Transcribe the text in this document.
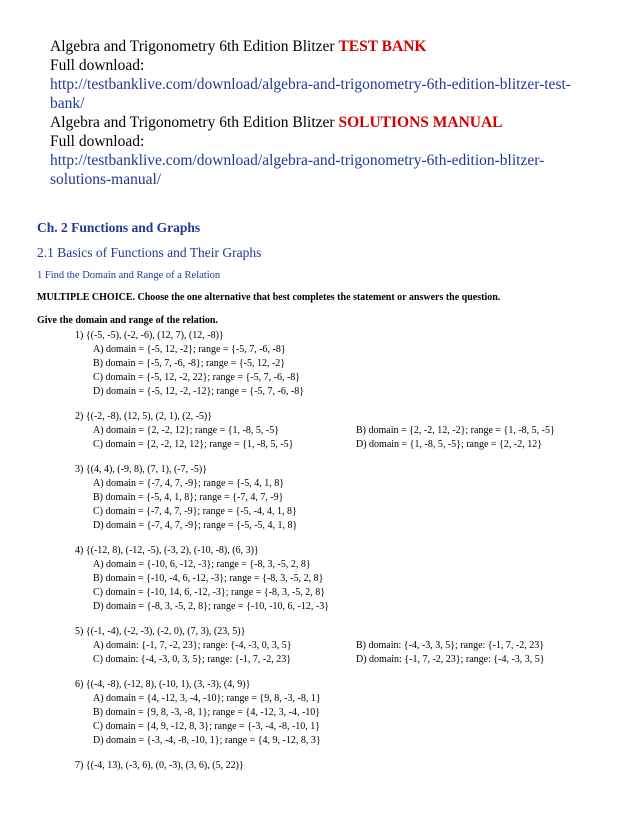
Algebra and Trigonometry 6th Edition Blitzer TEST BANK
Full download:
http://testbanklive.com/download/algebra-and-trigonometry-6th-edition-blitzer-test-
bank/
Algebra and Trigonometry 6th Edition Blitzer SOLUTIONS MANUAL
Full download:
http://testbanklive.com/download/algebra-and-trigonometry-6th-edition-blitzer-
solutions-manual/
Ch. 2 Functions and Graphs
2.1 Basics of Functions and Their Graphs
1 Find the Domain and Range of a Relation
MULTIPLE CHOICE. Choose the one alternative that best completes the statement or answers the question.
Give the domain and range of the relation.
1) {(-5, -5), (-2, -6), (12, 7), (12, -8)}
A) domain = {-5, 12, -2}; range = {-5, 7, -6, -8}
B) domain = {-5, 7, -6, -8}; range = {-5, 12, -2}
C) domain = {-5, 12, -2, 22}; range = {-5, 7, -6, -8}
D) domain = {-5, 12, -2, -12}; range = {-5, 7, -6, -8}
2) {(-2, -8), (12, 5), (2, 1), (2, -5)}
A) domain = {2, -2, 12}; range = {1, -8, 5, -5}	B) domain = {2, -2, 12, -2}; range = {1, -8, 5, -5}
C) domain = {2, -2, 12, 12}; range = {1, -8, 5, -5}	D) domain = {1, -8, 5, -5}; range = {2, -2, 12}
3) {(4, 4), (-9, 8), (7, 1), (-7, -5)}
A) domain = {-7, 4, 7, -9}; range = {-5, 4, 1, 8}
B) domain = {-5, 4, 1, 8}; range = {-7, 4, 7, -9}
C) domain = {-7, 4, 7, -9}; range = {-5, -4, 4, 1, 8}
D) domain = {-7, 4, 7, -9}; range = {-5, -5, 4, 1, 8}
4) {(-12, 8), (-12, -5), (-3, 2), (-10, -8), (6, 3)}
A) domain = {-10, 6, -12, -3}; range = {-8, 3, -5, 2, 8}
B) domain = {-10, -4, 6, -12, -3}; range = {-8, 3, -5, 2, 8}
C) domain = {-10, 14, 6, -12, -3}; range = {-8, 3, -5, 2, 8}
D) domain = {-8, 3, -5, 2, 8}; range = {-10, -10, 6, -12, -3}
5) {(-1, -4), (-2, -3), (-2, 0), (7, 3), (23, 5)}
A) domain: {-1, 7, -2, 23}; range: {-4, -3, 0, 3, 5}	B) domain: {-4, -3, 3, 5}; range: {-1, 7, -2, 23}
C) domain: {-4, -3, 0, 3, 5}; range: {-1, 7, -2, 23}	D) domain: {-1, 7, -2, 23}; range: {-4, -3, 3, 5}
6) {(-4, -8), (-12, 8), (-10, 1), (3, -3), (4, 9)}
A) domain = {4, -12, 3, -4, -10}; range = {9, 8, -3, -8, 1}
B) domain = {9, 8, -3, -8, 1}; range = {4, -12, 3, -4, -10}
C) domain = {4, 9, -12, 8, 3}; range = {-3, -4, -8, -10, 1}
D) domain = {-3, -4, -8, -10, 1}; range = {4, 9, -12, 8, 3}
7) {(-4, 13), (-3, 6), (0, -3), (3, 6), (5, 22)}
